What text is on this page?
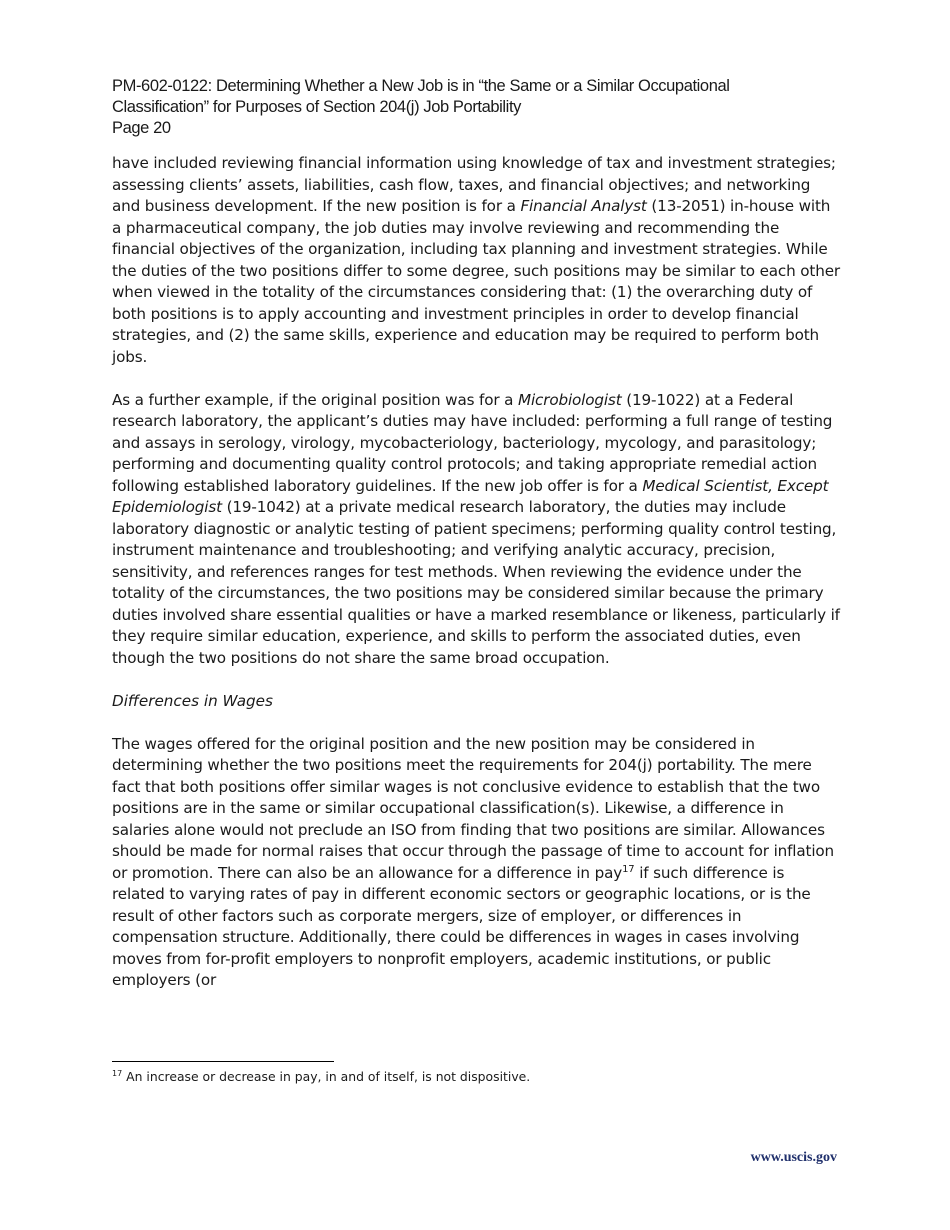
PM-602-0122: Determining Whether a New Job is in “the Same or a Similar Occupational
Classification” for Purposes of Section 204(j) Job Portability
Page 20

have included reviewing financial information using knowledge of tax and investment strategies; assessing clients’ assets, liabilities, cash flow, taxes, and financial objectives; and networking and business development. If the new position is for a Financial Analyst (13-2051) in-house with a pharmaceutical company, the job duties may involve reviewing and recommending the financial objectives of the organization, including tax planning and investment strategies. While the duties of the two positions differ to some degree, such positions may be similar to each other when viewed in the totality of the circumstances considering that: (1) the overarching duty of both positions is to apply accounting and investment principles in order to develop financial strategies, and (2) the same skills, experience and education may be required to perform both jobs.

As a further example, if the original position was for a Microbiologist (19-1022) at a Federal research laboratory, the applicant’s duties may have included: performing a full range of testing and assays in serology, virology, mycobacteriology, bacteriology, mycology, and parasitology; performing and documenting quality control protocols; and taking appropriate remedial action following established laboratory guidelines. If the new job offer is for a Medical Scientist, Except Epidemiologist (19-1042) at a private medical research laboratory, the duties may include laboratory diagnostic or analytic testing of patient specimens; performing quality control testing, instrument maintenance and troubleshooting; and verifying analytic accuracy, precision, sensitivity, and references ranges for test methods. When reviewing the evidence under the totality of the circumstances, the two positions may be considered similar because the primary duties involved share essential qualities or have a marked resemblance or likeness, particularly if they require similar education, experience, and skills to perform the associated duties, even though the two positions do not share the same broad occupation.

Differences in Wages

The wages offered for the original position and the new position may be considered in determining whether the two positions meet the requirements for 204(j) portability. The mere fact that both positions offer similar wages is not conclusive evidence to establish that the two positions are in the same or similar occupational classification(s). Likewise, a difference in salaries alone would not preclude an ISO from finding that two positions are similar. Allowances should be made for normal raises that occur through the passage of time to account for inflation or promotion. There can also be an allowance for a difference in pay$^{17}$ if such difference is related to varying rates of pay in different economic sectors or geographic locations, or is the result of other factors such as corporate mergers, size of employer, or differences in compensation structure. Additionally, there could be differences in wages in cases involving moves from for-profit employers to nonprofit employers, academic institutions, or public employers (or

$^{17}$ An increase or decrease in pay, in and of itself, is not dispositive.
www.uscis.gov
